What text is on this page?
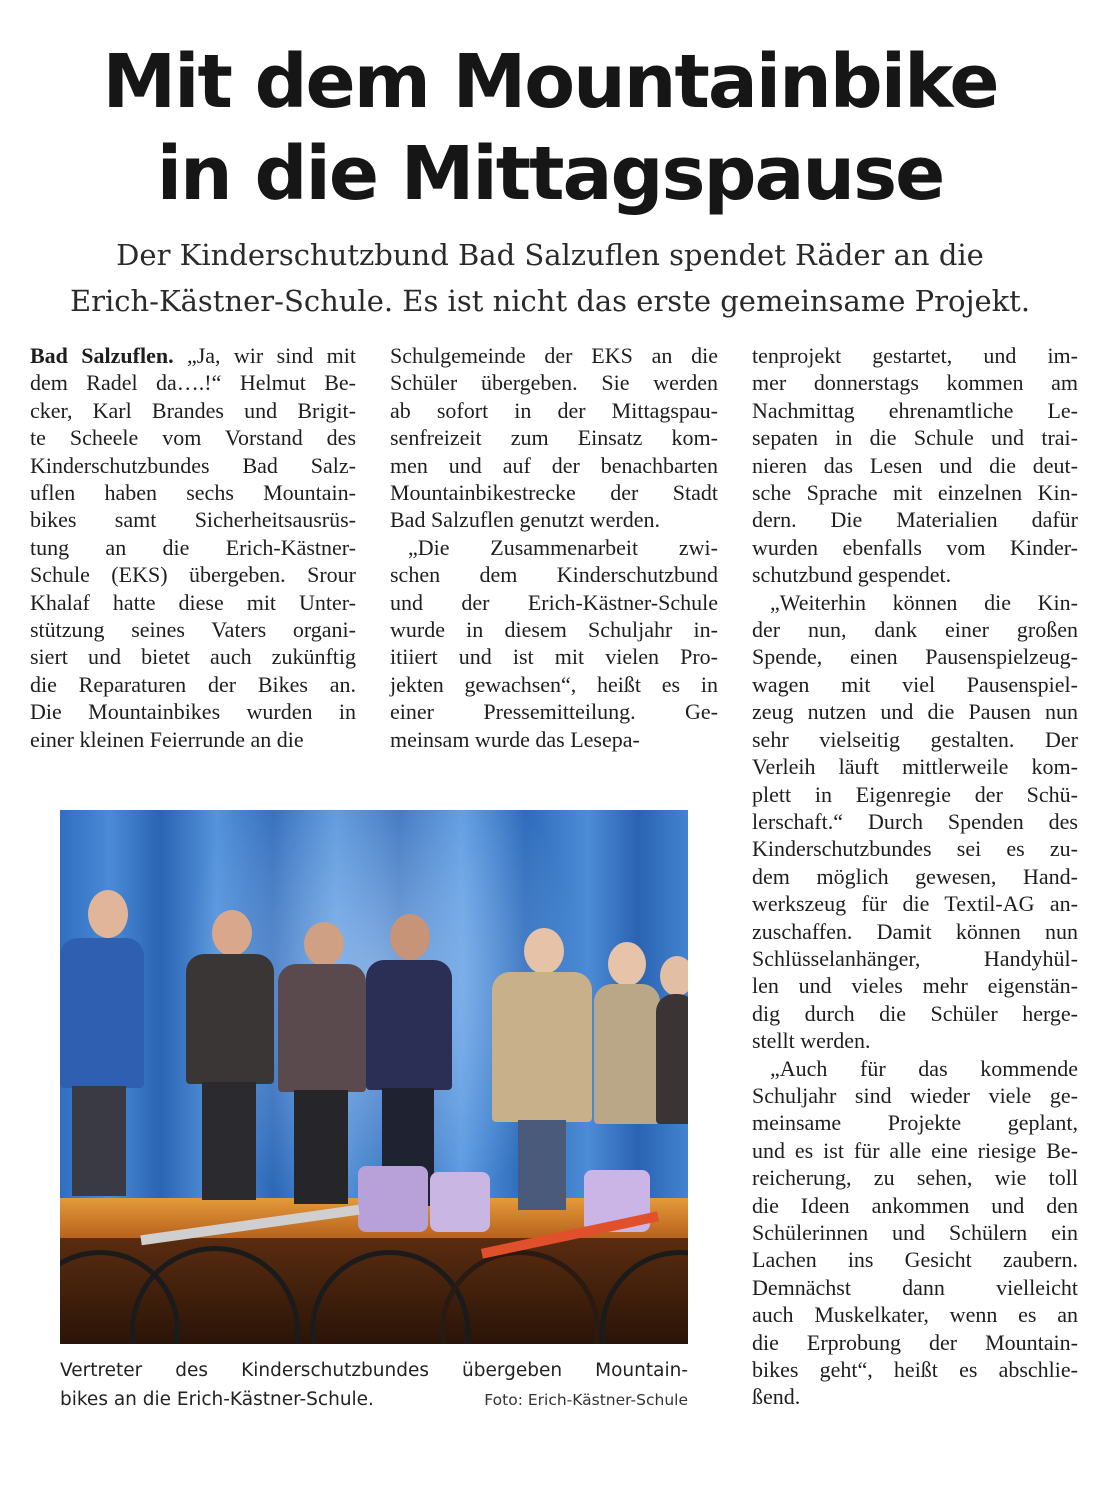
Mit dem Mountainbike
in die Mittagspause

Der Kinderschutzbund Bad Salzuflen spendet Räder an die
Erich-Kästner-Schule. Es ist nicht das erste gemeinsame Projekt.

Bad Salzuflen. „Ja, wir sind mit
dem Radel da….!“ Helmut Be-
cker, Karl Brandes und Brigit-
te Scheele vom Vorstand des
Kinderschutzbundes Bad Salz-
uflen haben sechs Mountain-
bikes samt Sicherheitsausrüs-
tung an die Erich-Kästner-
Schule (EKS) übergeben. Srour
Khalaf hatte diese mit Unter-
stützung seines Vaters organi-
siert und bietet auch zukünftig
die Reparaturen der Bikes an.
Die Mountainbikes wurden in
einer kleinen Feierrunde an die
Schulgemeinde der EKS an die
Schüler übergeben. Sie werden
ab sofort in der Mittagspau-
senfreizeit zum Einsatz kom-
men und auf der benachbarten
Mountainbikestrecke der Stadt
Bad Salzuflen genutzt werden.
„Die Zusammenarbeit zwi-
schen dem Kinderschutzbund
und der Erich-Kästner-Schule
wurde in diesem Schuljahr in-
itiiert und ist mit vielen Pro-
jekten gewachsen“, heißt es in
einer Pressemitteilung. Ge-
meinsam wurde das Lesepa-
tenprojekt gestartet, und im-
mer donnerstags kommen am
Nachmittag ehrenamtliche Le-
sepaten in die Schule und trai-
nieren das Lesen und die deut-
sche Sprache mit einzelnen Kin-
dern. Die Materialien dafür
wurden ebenfalls vom Kinder-
schutzbund gespendet.
„Weiterhin können die Kin-
der nun, dank einer großen
Spende, einen Pausenspielzeug-
wagen mit viel Pausenspiel-
zeug nutzen und die Pausen nun
sehr vielseitig gestalten. Der
Verleih läuft mittlerweile kom-
plett in Eigenregie der Schü-
lerschaft.“ Durch Spenden des
Kinderschutzbundes sei es zu-
dem möglich gewesen, Hand-
werkszeug für die Textil-AG an-
zuschaffen. Damit können nun
Schlüsselanhänger, Handyhül-
len und vieles mehr eigenstän-
dig durch die Schüler herge-
stellt werden.
„Auch für das kommende
Schuljahr sind wieder viele ge-
meinsame Projekte geplant,
und es ist für alle eine riesige Be-
reicherung, zu sehen, wie toll
die Ideen ankommen und den
Schülerinnen und Schülern ein
Lachen ins Gesicht zaubern.
Demnächst dann vielleicht
auch Muskelkater, wenn es an
die Erprobung der Mountain-
bikes geht“, heißt es abschlie-
ßend.

Vertreter des Kinderschutzbundes übergeben Mountain-
bikes an die Erich-Kästner-Schule.	Foto: Erich-Kästner-Schule
